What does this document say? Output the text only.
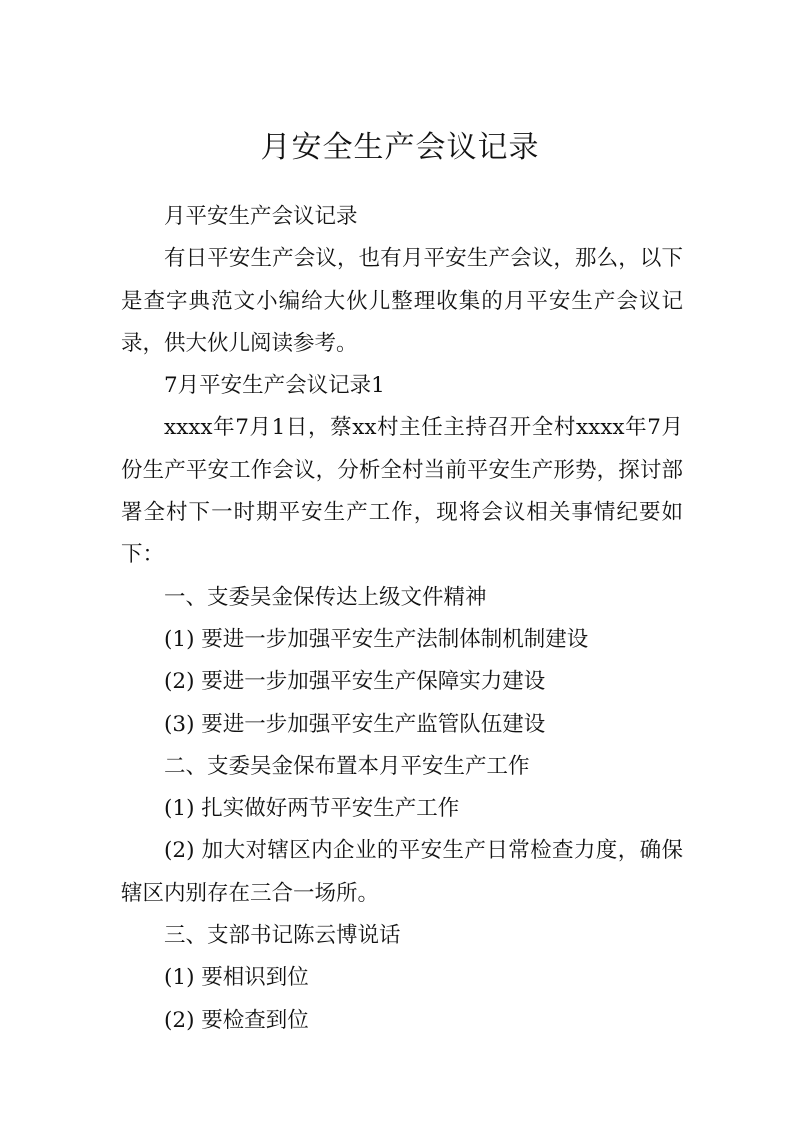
月安全生产会议记录

月平安生产会议记录

有日平安生产会议，也有月平安生产会议，那么，以下是查字典范文小编给大伙儿整理收集的月平安生产会议记录，供大伙儿阅读参考。

7月平安生产会议记录1

xxxx年7月1日，蔡xx村主任主持召开全村xxxx年7月份生产平安工作会议，分析全村当前平安生产形势，探讨部署全村下一时期平安生产工作，现将会议相关事情纪要如下：

一、支委吴金保传达上级文件精神

(1) 要进一步加强平安生产法制体制机制建设

(2) 要进一步加强平安生产保障实力建设

(3) 要进一步加强平安生产监管队伍建设

二、支委吴金保布置本月平安生产工作

(1) 扎实做好两节平安生产工作

(2) 加大对辖区内企业的平安生产日常检查力度，确保辖区内别存在三合一场所。

三、支部书记陈云博说话

(1) 要相识到位

(2) 要检查到位
